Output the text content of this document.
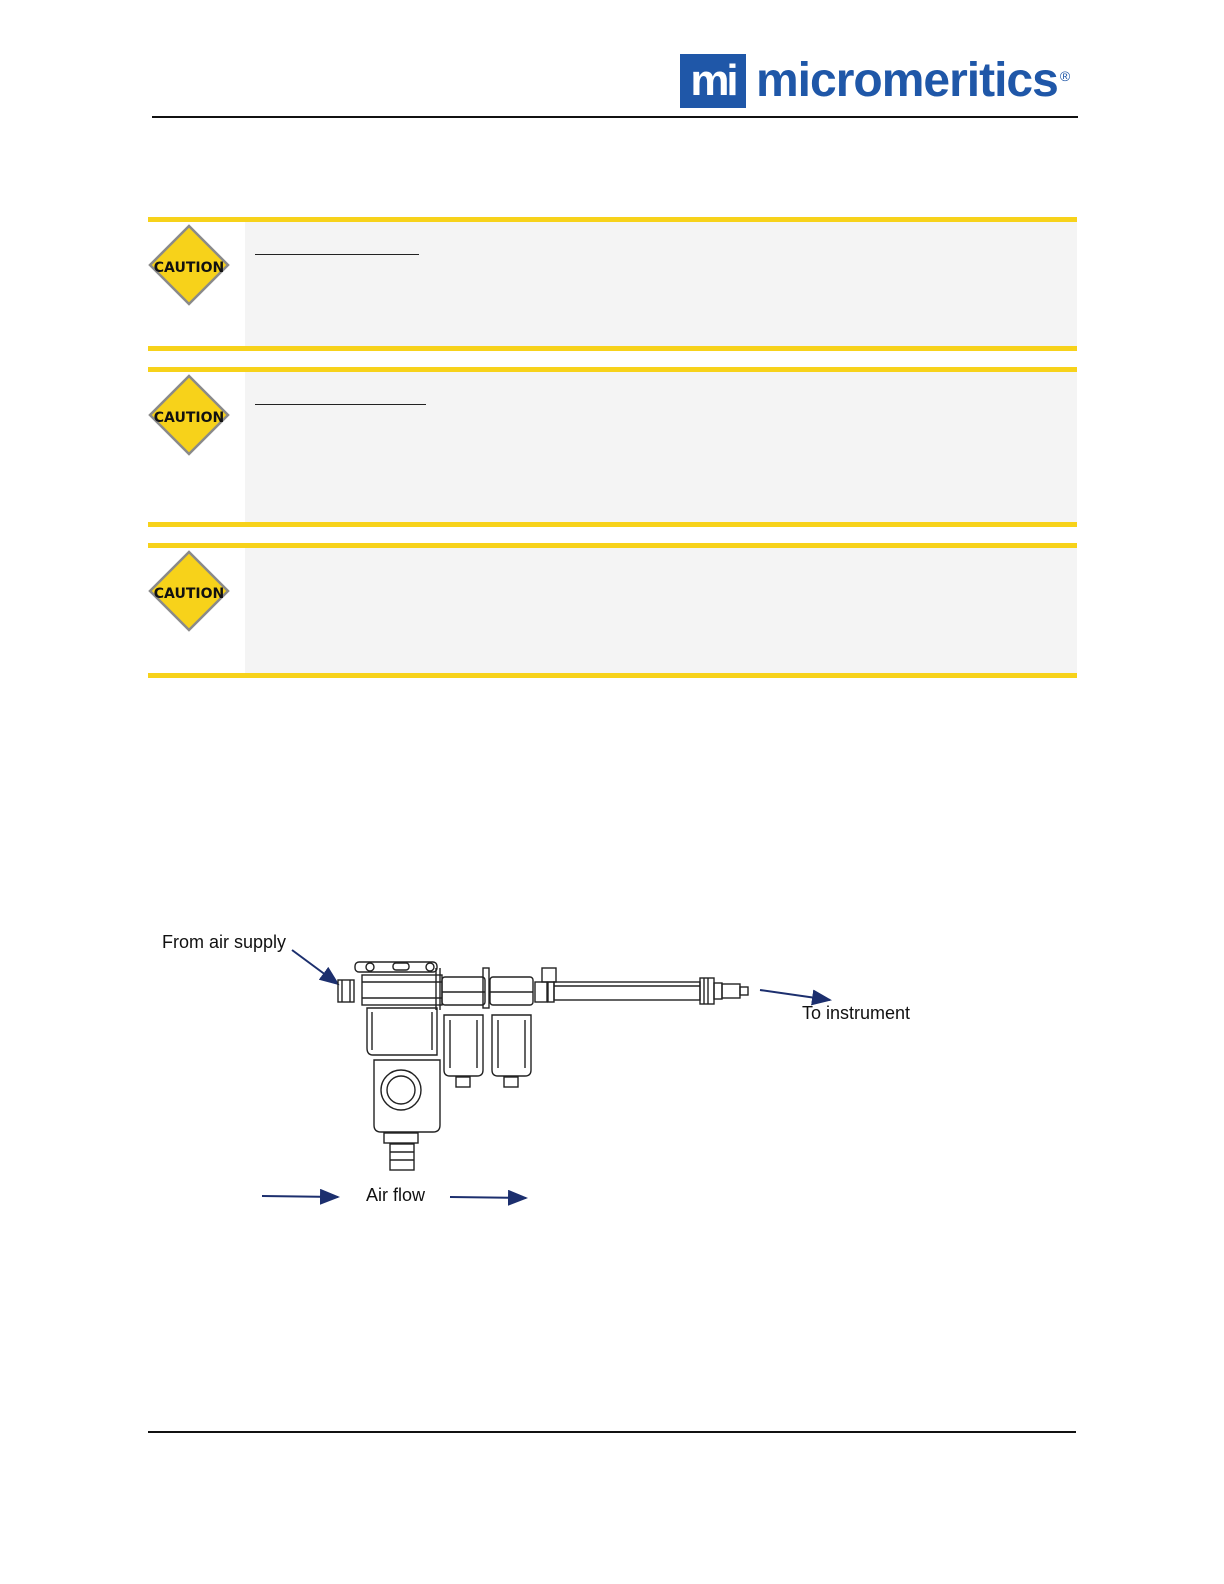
mi micromeritics ®
CAUTION
CAUTION
CAUTION
From air supply
To instrument
Air flow
